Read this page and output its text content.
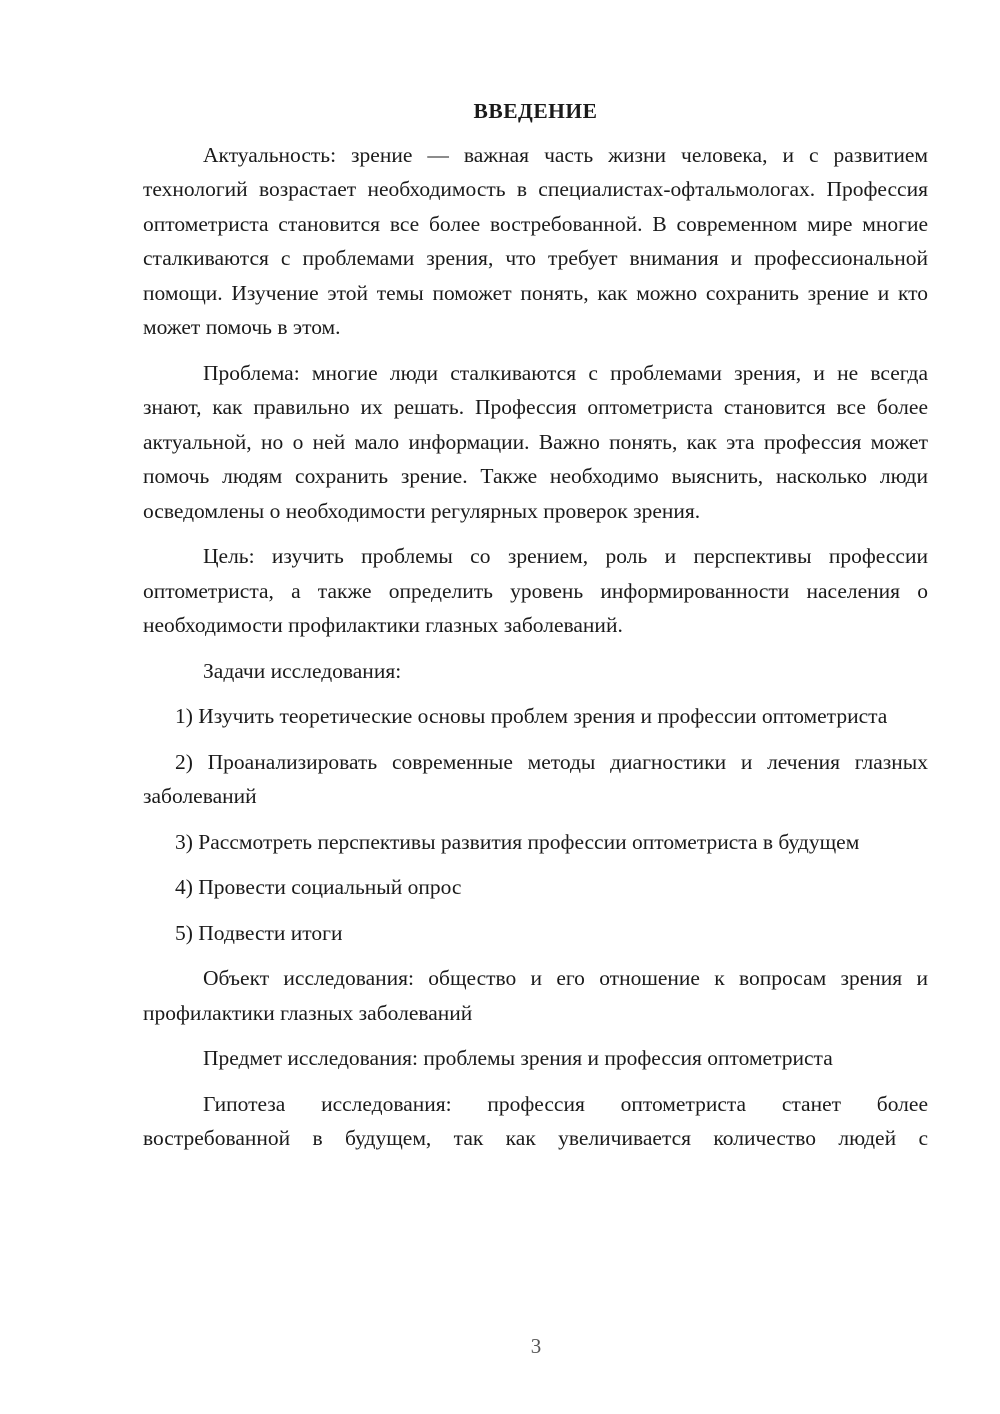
ВВЕДЕНИЕ

Актуальность: зрение — важная часть жизни человека, и с развитием технологий возрастает необходимость в специалистах-офтальмологах. Профессия оптометриста становится все более востребованной. В современном мире многие сталкиваются с проблемами зрения, что требует внимания и профессиональной помощи. Изучение этой темы поможет понять, как можно сохранить зрение и кто может помочь в этом.

Проблема: многие люди сталкиваются с проблемами зрения, и не всегда знают, как правильно их решать. Профессия оптометриста становится все более актуальной, но о ней мало информации. Важно понять, как эта профессия может помочь людям сохранить зрение. Также необходимо выяснить, насколько люди осведомлены о необходимости регулярных проверок зрения.

Цель: изучить проблемы со зрением, роль и перспективы профессии оптометриста, а также определить уровень информированности населения о необходимости профилактики глазных заболеваний.

Задачи исследования:

1) Изучить теоретические основы проблем зрения и профессии оптометриста

2) Проанализировать современные методы диагностики и лечения глазных заболеваний

3) Рассмотреть перспективы развития профессии оптометриста в будущем

4) Провести социальный опрос

5) Подвести итоги

Объект исследования: общество и его отношение к вопросам зрения и профилактики глазных заболеваний

Предмет исследования: проблемы зрения и профессия оптометриста

Гипотеза исследования: профессия оптометриста станет более востребованной в будущем, так как увеличивается количество людей с

3
